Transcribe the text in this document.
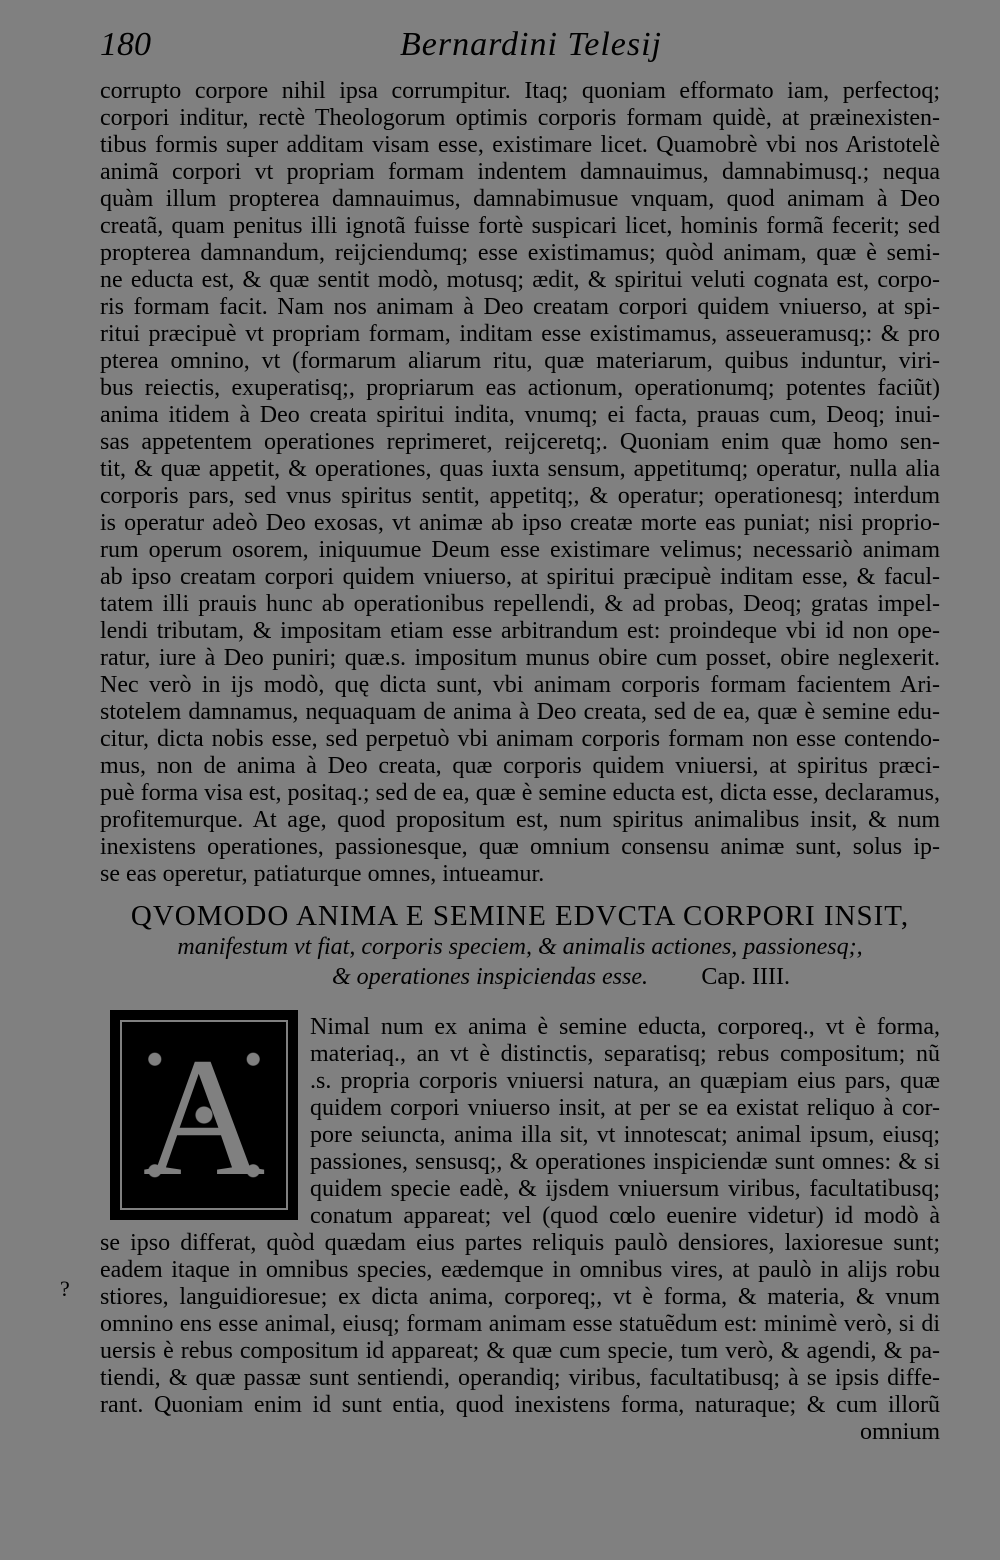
180	Bernardini Telesij
corrupto corpore nihil ipsa corrumpitur. Itaq; quoniam efformato iam, perfectoq;
corpori inditur, rectè Theologorum optimis corporis formam quidè, at præinexisten-
tibus formis super additam visam esse, existimare licet. Quamobrè vbi nos Aristotelè
animã corpori vt propriam formam indentem damnauimus, damnabimusq.; nequa
quàm illum propterea damnauimus, damnabimusue vnquam, quod animam à Deo
creatã, quam penitus illi ignotã fuisse fortè suspicari licet, hominis formã fecerit; sed
propterea damnandum, reijciendumq; esse existimamus; quòd animam, quæ è semi-
ne educta est, & quæ sentit modò, motusq; ædit, & spiritui veluti cognata est, corpo-
ris formam facit. Nam nos animam à Deo creatam corpori quidem vniuerso, at spi-
ritui præcipuè vt propriam formam, inditam esse existimamus, asseueramusq;: & pro
pterea omnino, vt (formarum aliarum ritu, quæ materiarum, quibus induntur, viri-
bus reiectis, exuperatisq;, propriarum eas actionum, operationumq; potentes faciũt)
anima itidem à Deo creata spiritui indita, vnumq; ei facta, prauas cum, Deoq; inui-
sas appetentem operationes reprimeret, reijceretq;. Quoniam enim quæ homo sen-
tit, & quæ appetit, & operationes, quas iuxta sensum, appetitumq; operatur, nulla alia
corporis pars, sed vnus spiritus sentit, appetitq;, & operatur; operationesq; interdum
is operatur adeò Deo exosas, vt animæ ab ipso creatæ morte eas puniat; nisi proprio-
rum operum osorem, iniquumue Deum esse existimare velimus; necessariò animam
ab ipso creatam corpori quidem vniuerso, at spiritui præcipuè inditam esse, & facul-
tatem illi prauis hunc ab operationibus repellendi, & ad probas, Deoq; gratas impel-
lendi tributam, & impositam etiam esse arbitrandum est: proindeque vbi id non ope-
ratur, iure à Deo puniri; quæ.s. impositum munus obire cum posset, obire neglexerit.
Nec verò in ijs modò, quę dicta sunt, vbi animam corporis formam facientem Ari-
stotelem damnamus, nequaquam de anima à Deo creata, sed de ea, quæ è semine edu-
citur, dicta nobis esse, sed perpetuò vbi animam corporis formam non esse contendo-
mus, non de anima à Deo creata, quæ corporis quidem vniuersi, at spiritus præci-
puè forma visa est, positaq.; sed de ea, quæ è semine educta est, dicta esse, declaramus,
profitemurque. At age, quod propositum est, num spiritus animalibus insit, & num
inexistens operationes, passionesque, quæ omnium consensu animæ sunt, solus ip-
se eas operetur, patiaturque omnes, intueamur.
QVOMODO ANIMA E SEMINE EDVCTA CORPORI INSIT,
manifestum vt fiat, corporis speciem, & animalis actiones, passionesq;,
& operationes inspiciendas esse. Cap. IIII.
A	Nimal num ex anima è semine educta, corporeq., vt è forma,
materiaq., an vt è distinctis, separatisq; rebus compositum; nũ
.s. propria corporis vniuersi natura, an quæpiam eius pars, quæ
quidem corpori vniuerso insit, at per se ea existat reliquo à cor-
pore seiuncta, anima illa sit, vt innotescat; animal ipsum, eiusq;
passiones, sensusq;, & operationes inspiciendæ sunt omnes: & si
quidem specie eadè, & ijsdem vniuersum viribus, facultatibusq;
conatum appareat; vel (quod cœlo euenire videtur) id modò à
se ipso differat, quòd quædam eius partes reliquis paulò densiores, laxioresue sunt;
eadem itaque in omnibus species, eædemque in omnibus vires, at paulò in alijs robu
stiores, languidioresue; ex dicta anima, corporeq;, vt è forma, & materia, & vnum
omnino ens esse animal, eiusq; formam animam esse statuẽdum est: minimè verò, si di
uersis è rebus compositum id appareat; & quæ cum specie, tum verò, & agendi, & pa-
tiendi, & quæ passæ sunt sentiendi, operandiq; viribus, facultatibusq; à se ipsis diffe-
rant. Quoniam enim id sunt entia, quod inexistens forma, naturaque; & cum illorũ
omnium
?
